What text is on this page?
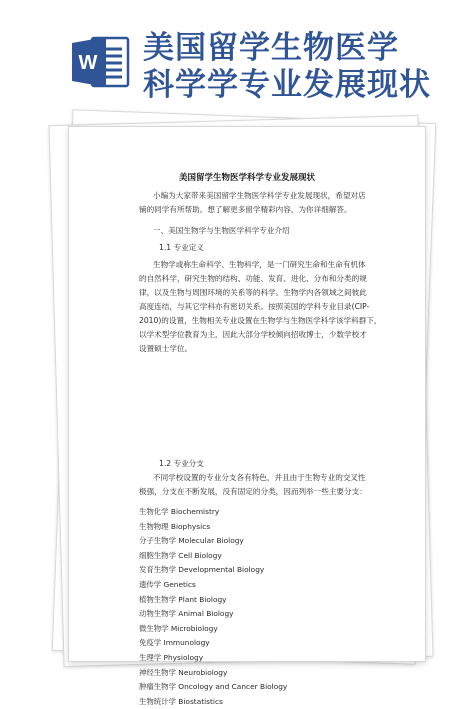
W 美国留学生物医学
科学学专业发展现状
美国留学生物医学科学专业发展现状
小编为大家带来美国留学生物医学科学专业发展现状，希望对店
铺的同学有所帮助。想了解更多留学精彩内容，为你详细解答。
一、美国生物学与生物医学科学专业介绍
1.1 专业定义
生物学或称生命科学、生物科学，是一门研究生命和生命有机体
的自然科学，研究生物的结构、功能、发育、进化、分布和分类的规
律，以及生物与周围环境的关系等的科学。生物学内各领域之间彼此
高度连结，与其它学科亦有密切关系。按照美国的学科专业目录(CIP-
2010)的设置，生物相关专业设置在生物学与生物医学科学该学科群下，
以学术型学位教育为主，因此大部分学校倾向招收博士，少数学校才
设置硕士学位。
1.2 专业分支
不同学校设置的专业分支各有特色，并且由于生物专业的交叉性
极强，分支在不断发展，没有固定的分类，因而列举一些主要分支：
生物化学 Biochemistry
生物物理 Biophysics
分子生物学 Molecular Biology
细胞生物学 Cell Biology
发育生物学 Developmental Biology
遗传学 Genetics
植物生物学 Plant Biology
动物生物学 Animal Biology
微生物学 Microbiology
免疫学 Immunology
生理学 Physiology
神经生物学 Neurobiology
肿瘤生物学 Oncology and Cancer Biology
生物统计学 Biostatistics
